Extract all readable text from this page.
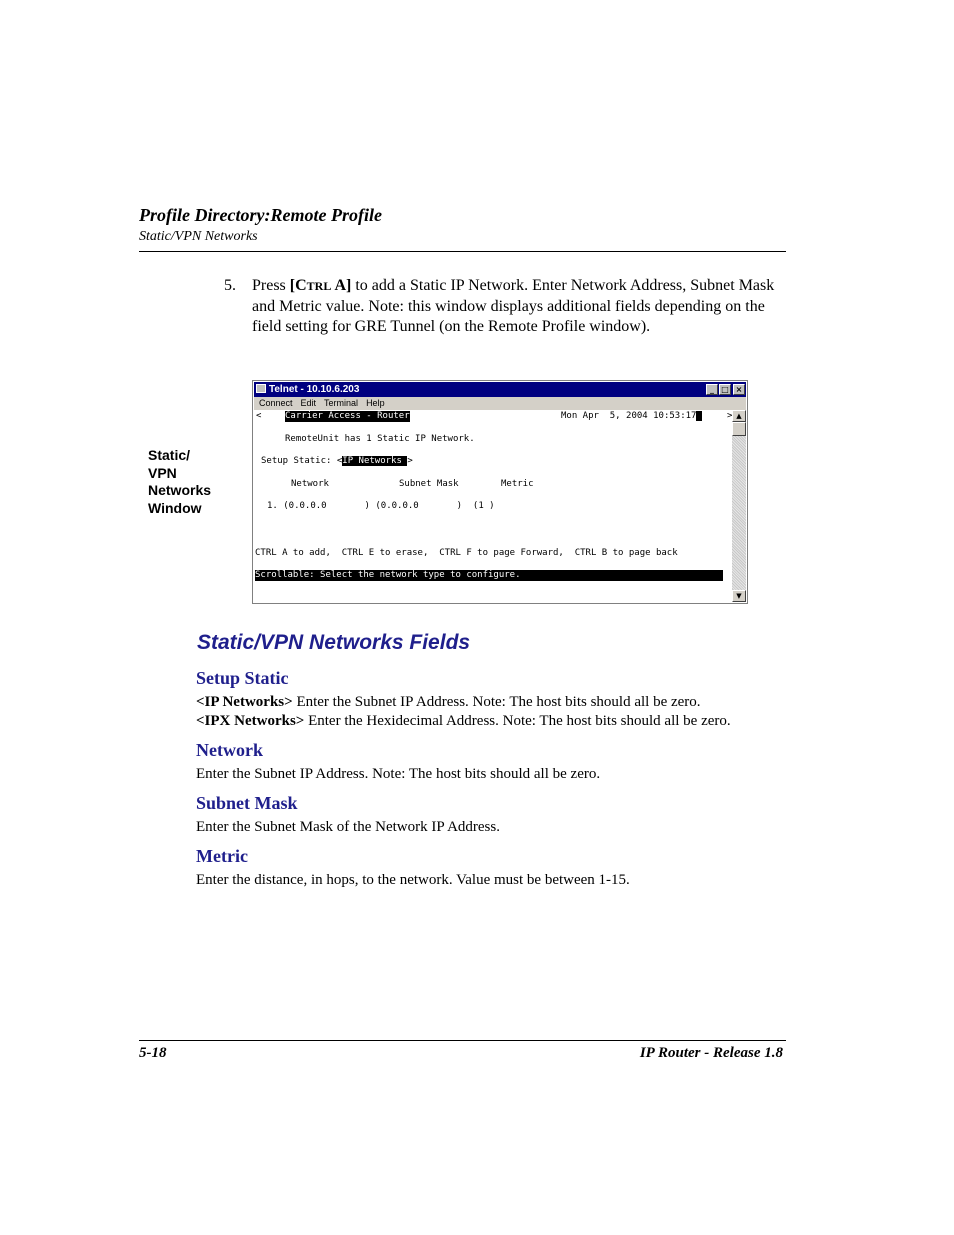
Profile Directory:Remote Profile
Static/VPN Networks
5. Press [CTRL A] to add a Static IP Network. Enter Network Address, Subnet Mask and Metric value. Note: this window displays additional fields depending on the field setting for GRE Tunnel (on the Remote Profile window).
Static/
VPN
Networks
Window
Telnet - 10.10.6.203	_ □ ×
Connect Edit Terminal Help
<	Carrier Access - Router	Mon Apr  5, 2004 10:53:17	>
RemoteUnit has 1 Static IP Network.
Setup Static: <IP Networks >
Network	Subnet Mask	Metric
1. (0.0.0.0       ) (0.0.0.0       )  (1 )
CTRL A to add,  CTRL E to erase,  CTRL F to page Forward,  CTRL B to page back
Scrollable: Select the network type to configure.
▲
▼
Static/VPN Networks Fields
Setup Static
<IP Networks> Enter the Subnet IP Address. Note: The host bits should all be zero.
<IPX Networks> Enter the Hexidecimal Address. Note: The host bits should all be zero.
Network
Enter the Subnet IP Address. Note: The host bits should all be zero.
Subnet Mask
Enter the Subnet Mask of the Network IP Address.
Metric
Enter the distance, in hops, to the network. Value must be between 1-15.
5-18	IP Router - Release 1.8
